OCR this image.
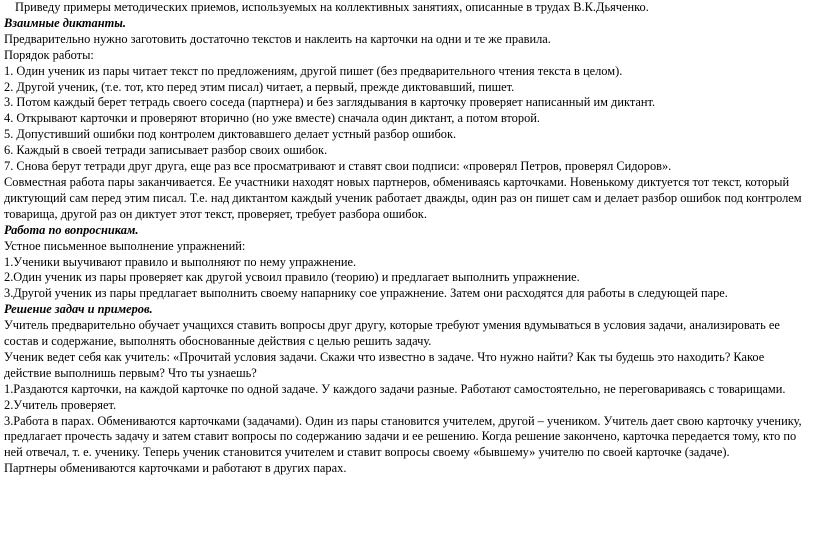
Приведу примеры методических приемов, используемых на коллективных занятиях, описанные в трудах В.К.Дьяченко.

Взаимные диктанты.

Предварительно нужно заготовить достаточно текстов и наклеить на карточки на одни и те же правила.

Порядок работы:

1. Один ученик из пары читает текст по предложениям, другой пишет (без предварительного чтения текста в целом).

2. Другой ученик, (т.е. тот, кто перед этим писал) читает, а первый, прежде диктовавший, пишет.

3. Потом каждый берет тетрадь своего соседа (партнера) и без заглядывания в карточку проверяет написанный им диктант.

4. Открывают карточки и проверяют вторично (но уже вместе) сначала один диктант, а потом второй.

5. Допустивший ошибки под контролем диктовавшего делает устный разбор ошибок.

6. Каждый в своей тетради записывает разбор своих ошибок.

7. Снова берут тетради друг друга, еще раз все просматривают и ставят свои подписи: «проверял Петров, проверял Сидоров».

Совместная работа пары заканчивается. Ее участники находят новых партнеров, обмениваясь карточками. Новенькому диктуется тот текст, который диктующий сам перед этим писал. Т.е. над диктантом каждый ученик работает дважды, один раз он пишет сам и делает разбор ошибок под контролем товарища, другой раз он диктует этот текст, проверяет, требует разбора ошибок.

Работа по вопросникам.

Устное письменное выполнение упражнений:

1.Ученики выучивают правило и выполняют по нему упражнение.

2.Один ученик из пары проверяет как другой усвоил правило (теорию) и предлагает выполнить упражнение.

3.Другой ученик из пары предлагает выполнить своему напарнику сое упражнение. Затем они расходятся для работы в следующей паре.

Решение задач и примеров.

Учитель предварительно обучает учащихся ставить вопросы друг другу, которые требуют умения вдумываться в условия задачи, анализировать ее состав и содержание, выполнять обоснованные действия с целью решить задачу.

Ученик ведет себя как учитель: «Прочитай условия задачи. Скажи что известно в задаче. Что нужно найти? Как ты будешь это находить? Какое действие выполнишь первым? Что ты узнаешь?

1.Раздаются карточки, на каждой карточке по одной задаче. У каждого задачи разные. Работают самостоятельно, не переговариваясь с товарищами.

2.Учитель проверяет.

3.Работа в парах. Обмениваются карточками (задачами). Один из пары становится учителем, другой – учеником. Учитель дает свою карточку ученику, предлагает прочесть задачу и затем ставит вопросы по содержанию задачи и ее решению. Когда решение закончено, карточка передается тому, кто по ней отвечал, т. е. ученику. Теперь ученик становится учителем и ставит вопросы своему «бывшему» учителю по своей карточке (задаче).

Партнеры обмениваются карточками и работают в других парах.
